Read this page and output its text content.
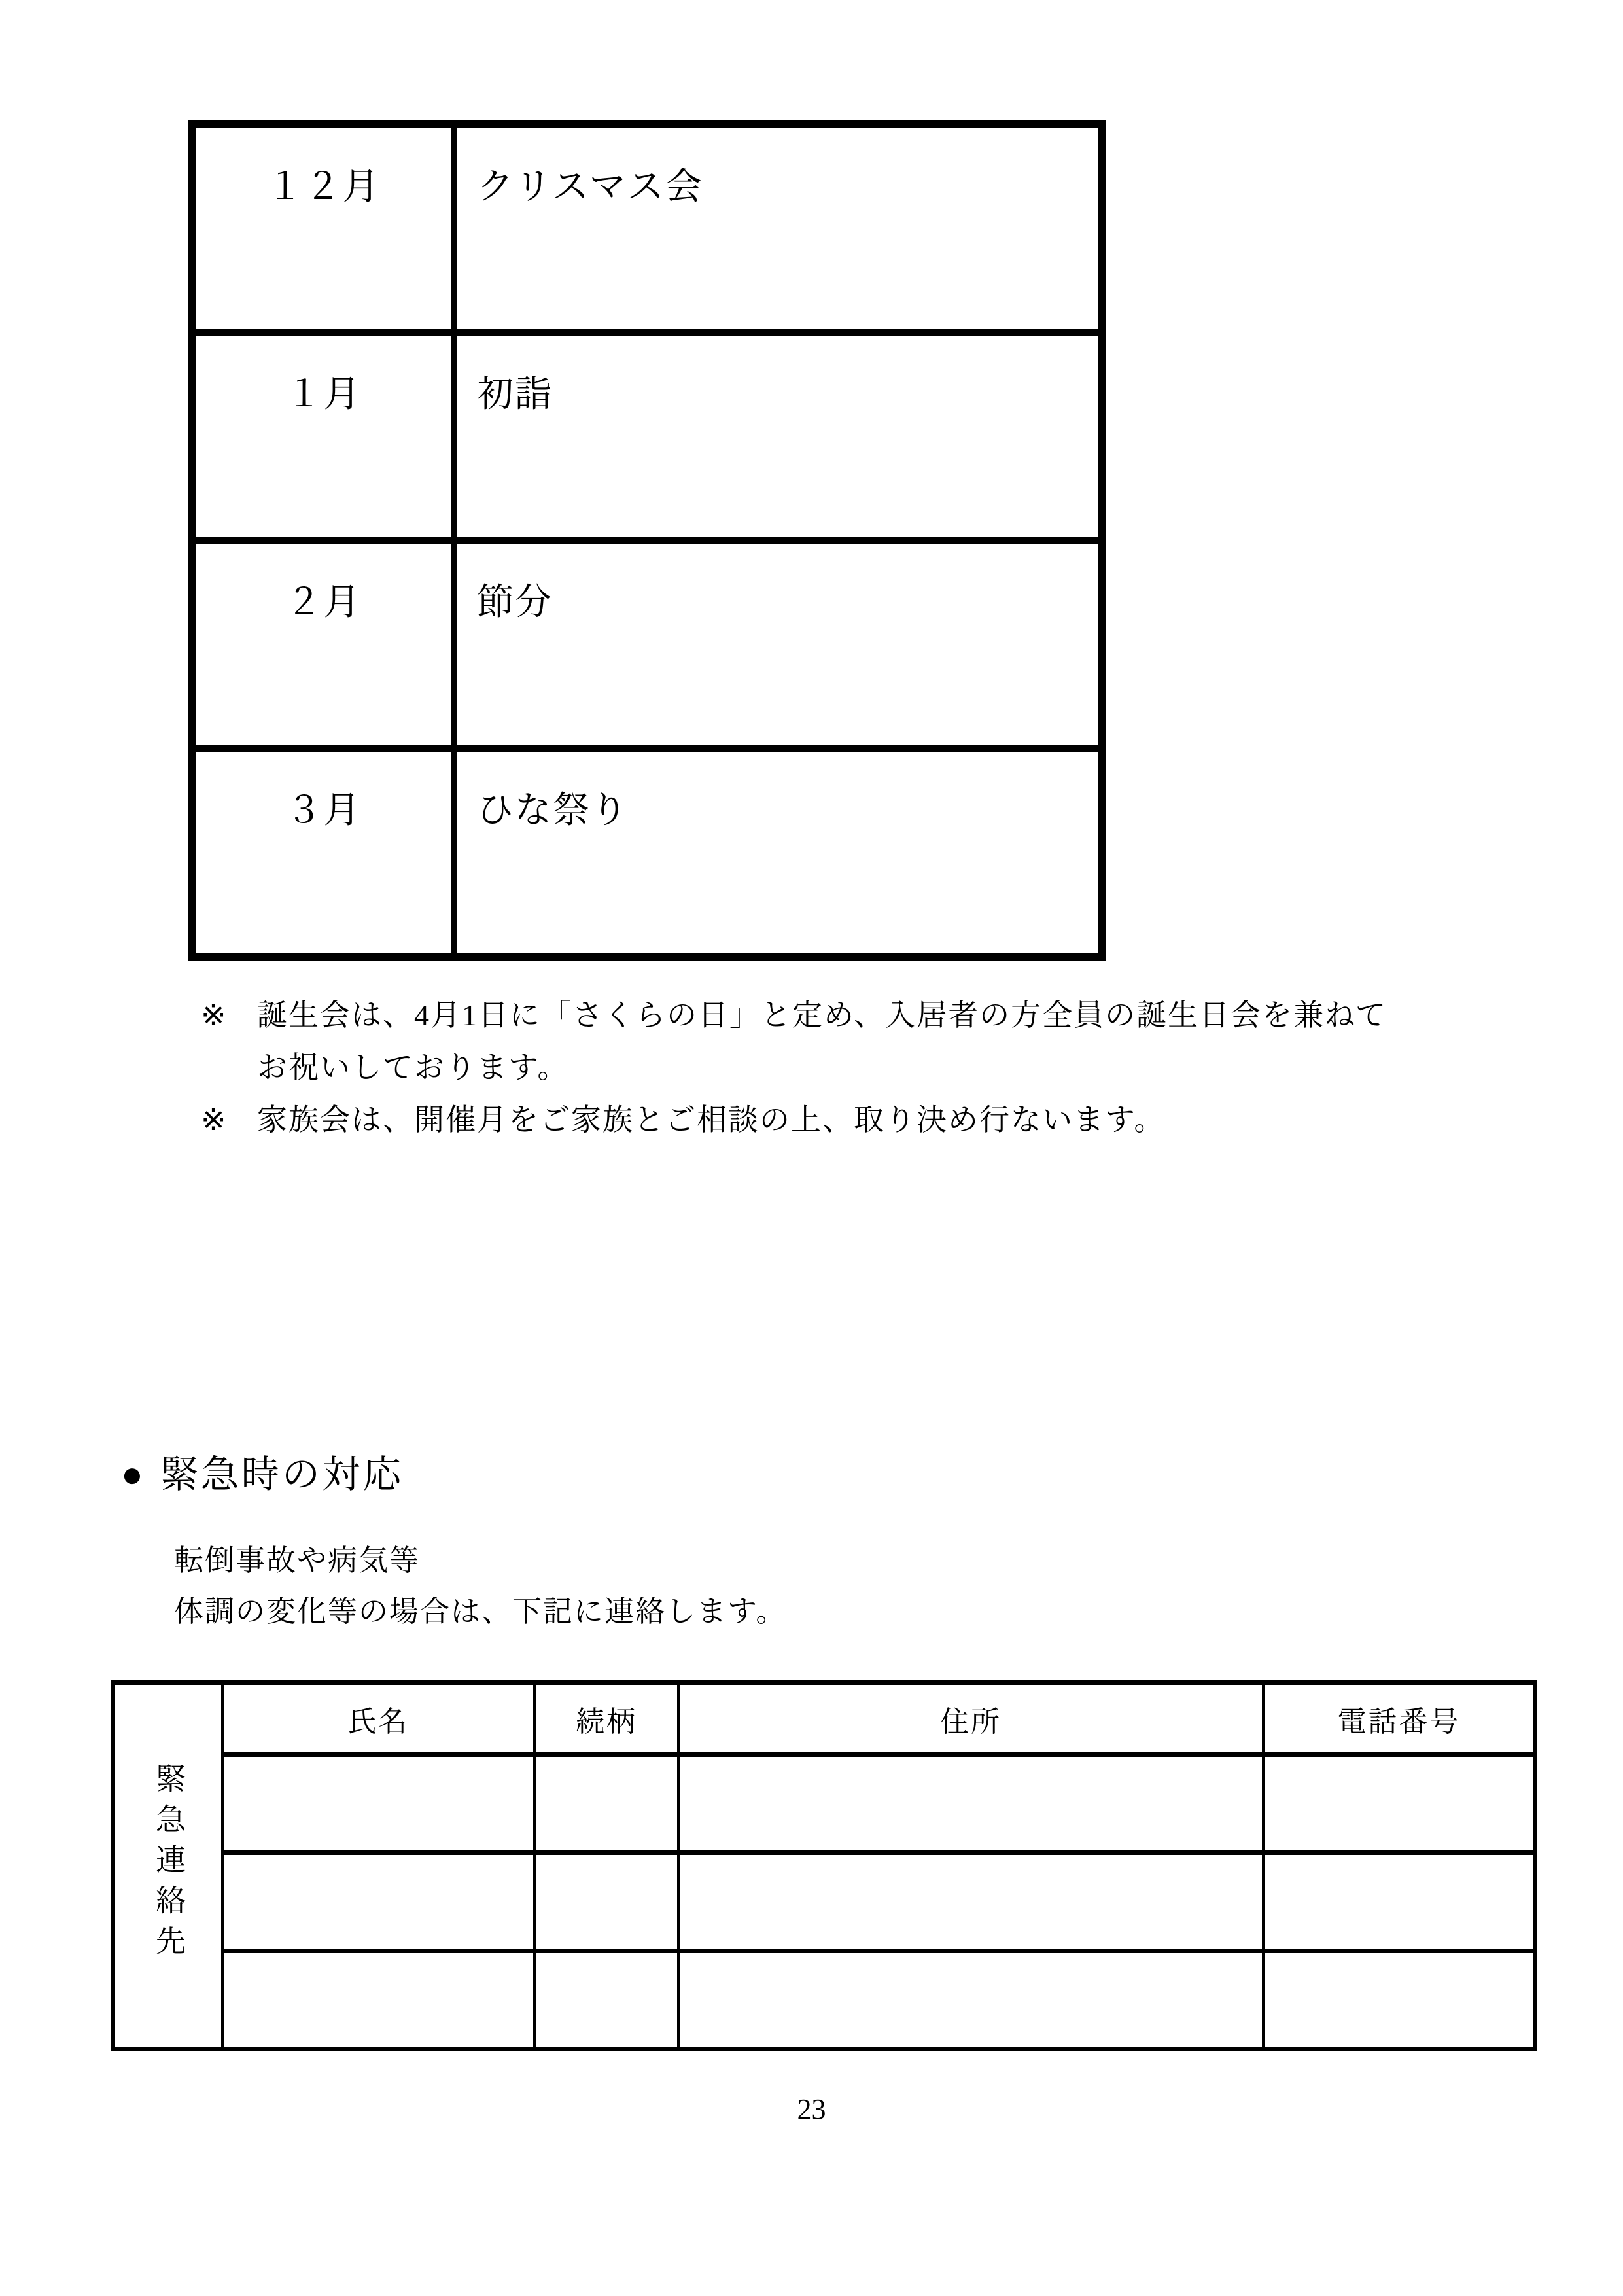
１２月	クリスマス会
１月	初詣
２月	節分
３月	ひな祭り
※ 誕生会は、4月1日に「さくらの日」と定め、入居者の方全員の誕生日会を兼ねて
お祝いしております。
※ 家族会は、開催月をご家族とご相談の上、取り決め行ないます。
● 緊急時の対応
転倒事故や病気等
体調の変化等の場合は、下記に連絡します。
緊急連絡先	氏名	続柄	住所	電話番号

23
